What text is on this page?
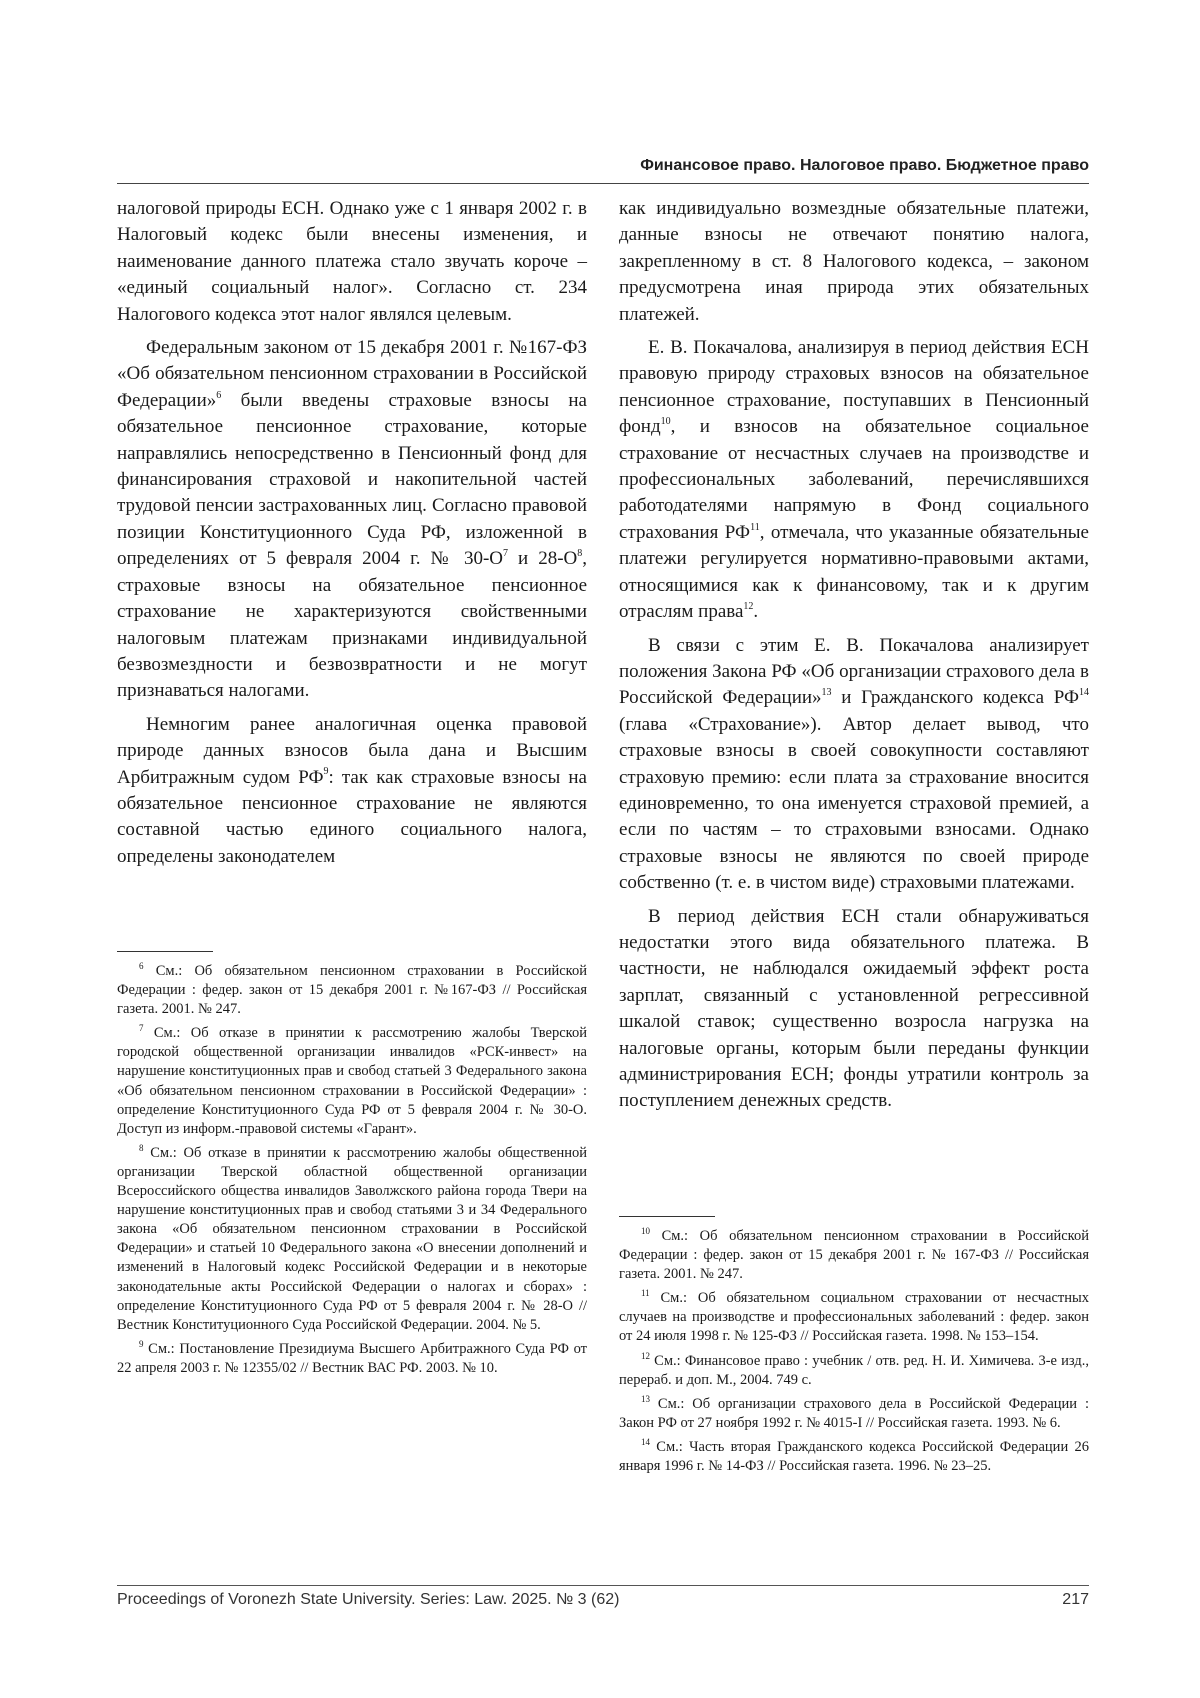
Финансовое право. Налоговое право. Бюджетное право

налоговой природы ЕСН. Однако уже с 1 января 2002 г. в Налоговый кодекс были внесены изменения, и наименование данного платежа стало звучать короче – «единый социальный налог». Согласно ст. 234 Налогового кодекса этот налог являлся целевым.

Федеральным законом от 15 декабря 2001 г. №167-ФЗ «Об обязательном пенсионном страховании в Российской Федерации»$^6$ были введены страховые взносы на обязательное пенсионное страхование, которые направлялись непосредственно в Пенсионный фонд для финансирования страховой и накопительной частей трудовой пенсии застрахованных лиц. Согласно правовой позиции Конституционного Суда РФ, изложенной в определениях от 5 февраля 2004 г. № $30-О^7$ и $28-О^8$, страховые взносы на обязательное пенсионное страхование не характеризуются свойственными налоговым платежам признаками индивидуальной безвозмездности и безвозвратности и не могут признаваться налогами.

Немногим ранее аналогичная оценка правовой природе данных взносов была дана и Высшим Арбитражным судом $РФ^9$: так как страховые взносы на обязательное пенсионное страхование не являются составной частью единого социального налога, определены законодателем

как индивидуально возмездные обязательные платежи, данные взносы не отвечают понятию налога, закрепленному в ст. 8 Налогового кодекса, – законом предусмотрена иная природа этих обязательных платежей.

Е. В. Покачалова, анализируя в период действия ЕСН правовую природу страховых взносов на обязательное пенсионное страхование, поступавших в Пенсионный фонд$^{10}$, и взносов на обязательное социальное страхование от несчастных случаев на производстве и профессиональных заболеваний, перечислявшихся работодателями напрямую в Фонд социального страхования РФ$^{11}$, отмечала, что указанные обязательные платежи регулируется нормативно-правовыми актами, относящимися как к финансовому, так и к другим отраслям права$^{12}$.

В связи с этим Е. В. Покачалова анализирует положения Закона РФ «Об организации страхового дела в Российской Федерации»$^{13}$ и Гражданского кодекса РФ$^{14}$ (глава «Страхование»). Автор делает вывод, что страховые взносы в своей совокупности составляют страховую премию: если плата за страхование вносится единовременно, то она именуется страховой премией, а если по частям – то страховыми взносами. Однако страховые взносы не являются по своей природе собственно (т. е. в чистом виде) страховыми платежами.

В период действия ЕСН стали обнаруживаться недостатки этого вида обязательного платежа. В частности, не наблюдался ожидаемый эффект роста зарплат, связанный с установленной регрессивной шкалой ставок; существенно возросла нагрузка на налоговые органы, которым были переданы функции администрирования ЕСН; фонды утратили контроль за поступлением денежных средств.

$^6$ См.: Об обязательном пенсионном страховании в Российской Федерации : федер. закон от 15 декабря 2001 г. №167-ФЗ // Российская газета. 2001. № 247.

$^7$ См.: Об отказе в принятии к рассмотрению жалобы Тверской городской общественной организации инвалидов «РСК-инвест» на нарушение конституционных прав и свобод статьей 3 Федерального закона «Об обязательном пенсионном страховании в Российской Федерации» : определение Конституционного Суда РФ от 5 февраля 2004 г. № 30-О. Доступ из информ.-правовой системы «Гарант».

$^8$ См.: Об отказе в принятии к рассмотрению жалобы общественной организации Тверской областной общественной организации Всероссийского общества инвалидов Заволжского района города Твери на нарушение конституционных прав и свобод статьями 3 и 34 Федерального закона «Об обязательном пенсионном страховании в Российской Федерации» и статьей 10 Федерального закона «О внесении дополнений и изменений в Налоговый кодекс Российской Федерации и в некоторые законодательные акты Российской Федерации о налогах и сборах» : определение Конституционного Суда РФ от 5 февраля 2004 г. № 28-О // Вестник Конституционного Суда Российской Федерации. 2004. № 5.

$^9$ См.: Постановление Президиума Высшего Арбитражного Суда РФ от 22 апреля 2003 г. № 12355/02 // Вестник ВАС РФ. 2003. № 10.

$^{10}$ См.: Об обязательном пенсионном страховании в Российской Федерации : федер. закон от 15 декабря 2001 г. № 167-ФЗ // Российская газета. 2001. № 247.

$^{11}$ См.: Об обязательном социальном страховании от несчастных случаев на производстве и профессиональных заболеваний : федер. закон от 24 июля 1998 г. № 125-ФЗ // Российская газета. 1998. № 153–154.

$^{12}$ См.: Финансовое право : учебник / отв. ред. Н. И. Химичева. 3-е изд., перераб. и доп. М., 2004. 749 с.

$^{13}$ См.: Об организации страхового дела в Российской Федерации : Закон РФ от 27 ноября 1992 г. № 4015-I // Российская газета. 1993. № 6.

$^{14}$ См.: Часть вторая Гражданского кодекса Российской Федерации 26 января 1996 г. № 14-ФЗ // Российская газета. 1996. № 23–25.

Proceedings of Voronezh State University. Series: Law. 2025. № 3 (62)	217
